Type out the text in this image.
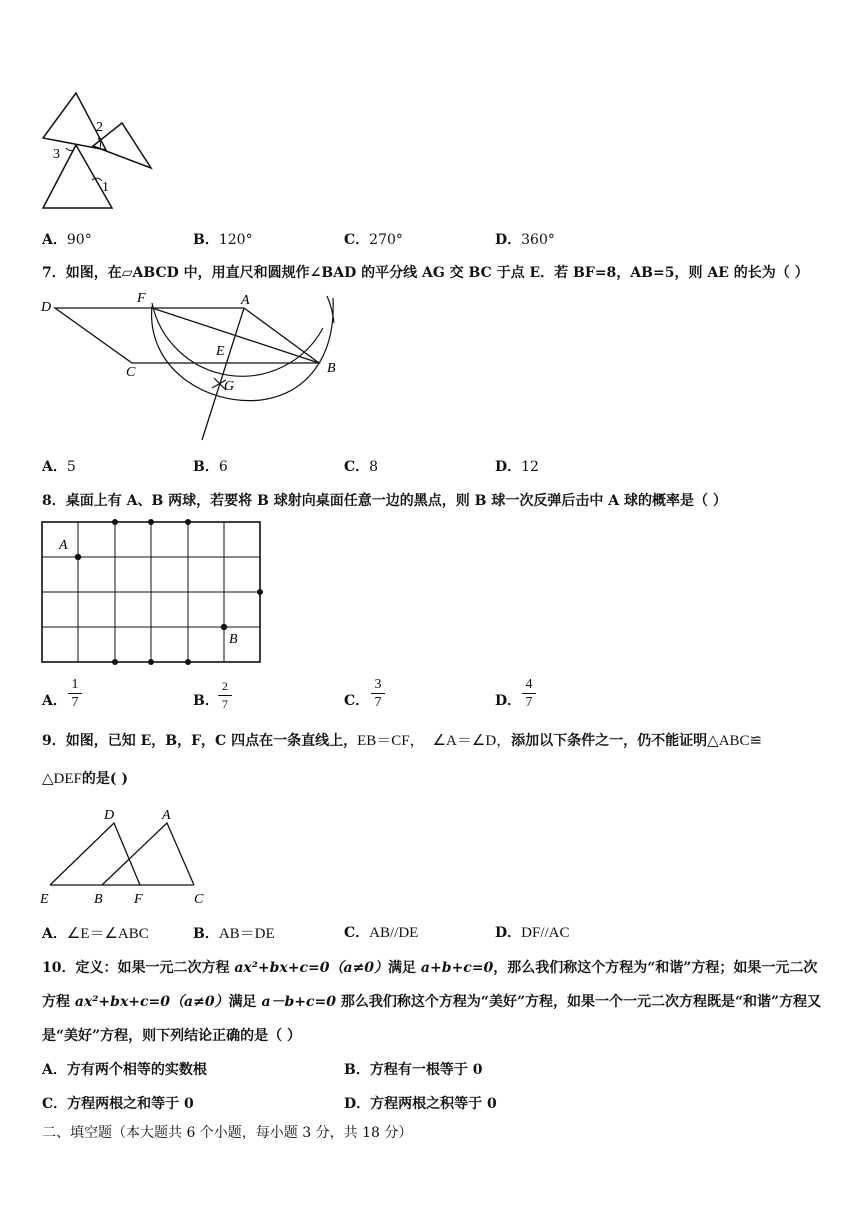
2
3
1
A．90°	B．120°	C．270°	D．360°
7．如图，在▱ABCD 中，用直尺和圆规作∠BAD 的平分线 AG 交 BC 于点 E．若 BF=8，AB=5，则 AE 的长为（ ）
D
F	A
E
C	B
G
A．5	B．6	C．8	D．12
8．桌面上有 A、B 两球，若要将 B 球射向桌面任意一边的黑点，则 B 球一次反弹后击中 A 球的概率是（ ）
A
B
A． $\frac{1}{7}$	B． $\frac{2}{7}$	C． $\frac{3}{7}$	D． $\frac{4}{7}$
9．如图，已知 E，B，F，C 四点在一条直线上，EB＝CF， ∠A＝∠D，添加以下条件之一，仍不能证明△ABC≌
△DEF的是( )
D	A
E	B F	C
A．∠E＝∠ABC	B．AB＝DE	C．AB//DE	D．DF//AC
10．定义：如果一元二次方程 ax²+bx+c=0（a≠0）满足 a+b+c=0，那么我们称这个方程为“和谐”方程；如果一元二次
方程 ax²+bx+c=0（a≠0）满足 a－b+c=0 那么我们称这个方程为“美好”方程，如果一个一元二次方程既是“和谐”方程又
是“美好”方程，则下列结论正确的是（ ）
A．方有两个相等的实数根	B．方程有一根等于 0
C．方程两根之和等于 0	D．方程两根之积等于 0
二、填空题（本大题共 6 个小题，每小题 3 分，共 18 分）
